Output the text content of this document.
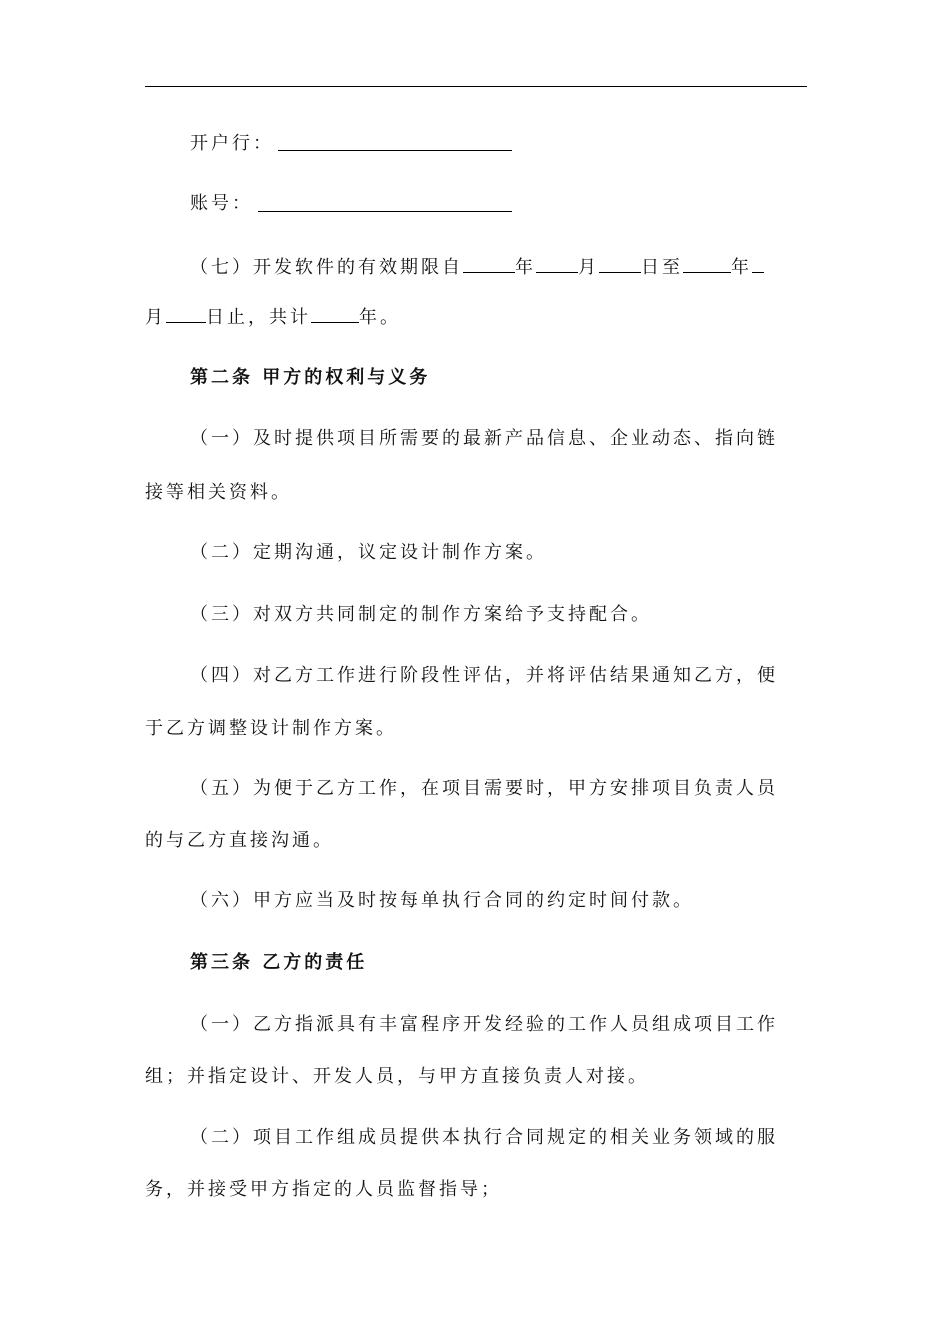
开户行：
账号：
（七）开发软件的有效期限自	年 月 日至	年
月 日止，共计	年。
第二条 甲方的权利与义务
（一）及时提供项目所需要的最新产品信息、企业动态、指向链
接等相关资料。
（二）定期沟通，议定设计制作方案。
（三）对双方共同制定的制作方案给予支持配合。
（四）对乙方工作进行阶段性评估，并将评估结果通知乙方，便
于乙方调整设计制作方案。
（五）为便于乙方工作，在项目需要时，甲方安排项目负责人员
的与乙方直接沟通。
（六）甲方应当及时按每单执行合同的约定时间付款。
第三条 乙方的责任
（一）乙方指派具有丰富程序开发经验的工作人员组成项目工作
组；并指定设计、开发人员，与甲方直接负责人对接。
（二）项目工作组成员提供本执行合同规定的相关业务领域的服
务，并接受甲方指定的人员监督指导；
